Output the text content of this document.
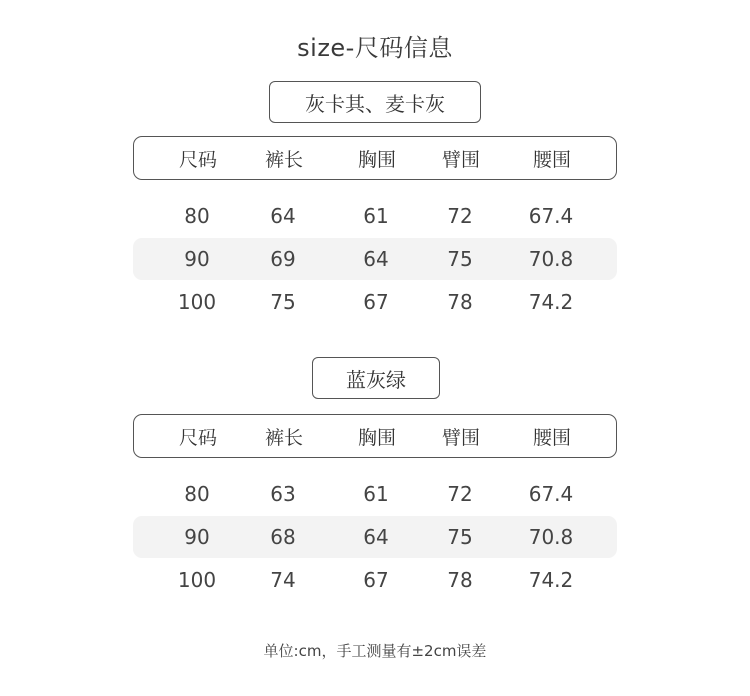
size-尺码信息
灰卡其、麦卡灰
尺码	裤长	胸围	臂围	腰围
80	64	61	72	67.4
90	69	64	75	70.8
100	75	67	78	74.2
蓝灰绿
尺码	裤长	胸围	臂围	腰围
80	63	61	72	67.4
90	68	64	75	70.8
100	74	67	78	74.2
单位:cm，手工测量有±2cm误差
